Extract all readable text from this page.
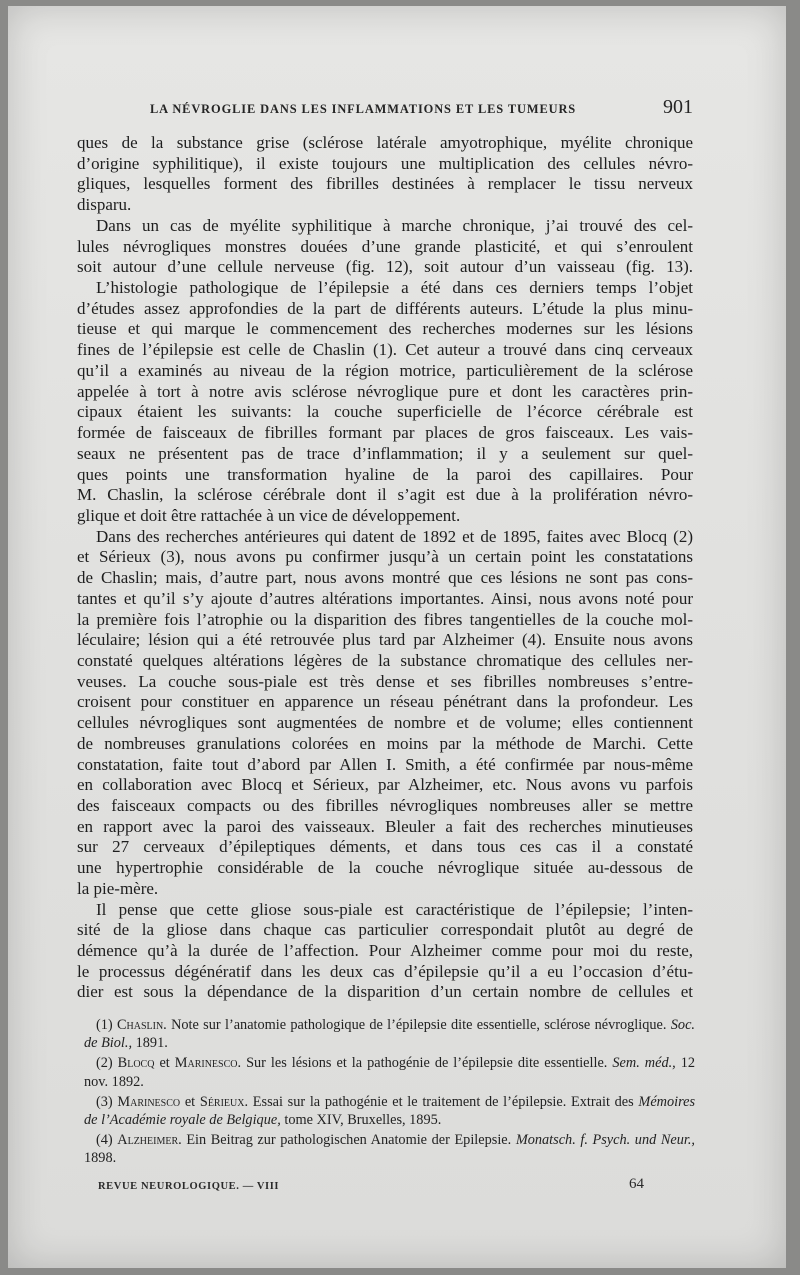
LA NÉVROGLIE DANS LES INFLAMMATIONS ET LES TUMEURS	901
ques de la substance grise (sclérose latérale amyotrophique, myélite chronique
d’origine syphilitique), il existe toujours une multiplication des cellules névro-
gliques, lesquelles forment des fibrilles destinées à remplacer le tissu nerveux
disparu.
Dans un cas de myélite syphilitique à marche chronique, j’ai trouvé des cel-
lules névrogliques monstres douées d’une grande plasticité, et qui s’enroulent
soit autour d’une cellule nerveuse (fig. 12), soit autour d’un vaisseau (fig. 13).
L’histologie pathologique de l’épilepsie a été dans ces derniers temps l’objet
d’études assez approfondies de la part de différents auteurs. L’étude la plus minu-
tieuse et qui marque le commencement des recherches modernes sur les lésions
fines de l’épilepsie est celle de Chaslin (1). Cet auteur a trouvé dans cinq cerveaux
qu’il a examinés au niveau de la région motrice, particulièrement de la sclérose
appelée à tort à notre avis sclérose névroglique pure et dont les caractères prin-
cipaux étaient les suivants: la couche superficielle de l’écorce cérébrale est
formée de faisceaux de fibrilles formant par places de gros faisceaux. Les vais-
seaux ne présentent pas de trace d’inflammation; il y a seulement sur quel-
ques points une transformation hyaline de la paroi des capillaires. Pour
M. Chaslin, la sclérose cérébrale dont il s’agit est due à la prolifération névro-
glique et doit être rattachée à un vice de développement.
Dans des recherches antérieures qui datent de 1892 et de 1895, faites avec Blocq (2)
et Sérieux (3), nous avons pu confirmer jusqu’à un certain point les constatations
de Chaslin; mais, d’autre part, nous avons montré que ces lésions ne sont pas cons-
tantes et qu’il s’y ajoute d’autres altérations importantes. Ainsi, nous avons noté pour
la première fois l’atrophie ou la disparition des fibres tangentielles de la couche mol-
léculaire; lésion qui a été retrouvée plus tard par Alzheimer (4). Ensuite nous avons
constaté quelques altérations légères de la substance chromatique des cellules ner-
veuses. La couche sous-piale est très dense et ses fibrilles nombreuses s’entre-
croisent pour constituer en apparence un réseau pénétrant dans la profondeur. Les
cellules névrogliques sont augmentées de nombre et de volume; elles contiennent
de nombreuses granulations colorées en moins par la méthode de Marchi. Cette
constatation, faite tout d’abord par Allen I. Smith, a été confirmée par nous-même
en collaboration avec Blocq et Sérieux, par Alzheimer, etc. Nous avons vu parfois
des faisceaux compacts ou des fibrilles névrogliques nombreuses aller se mettre
en rapport avec la paroi des vaisseaux. Bleuler a fait des recherches minutieuses
sur 27 cerveaux d’épileptiques déments, et dans tous ces cas il a constaté
une hypertrophie considérable de la couche névroglique située au-dessous de
la pie-mère.
Il pense que cette gliose sous-piale est caractéristique de l’épilepsie; l’inten-
sité de la gliose dans chaque cas particulier correspondait plutôt au degré de
démence qu’à la durée de l’affection. Pour Alzheimer comme pour moi du reste,
le processus dégénératif dans les deux cas d’épilepsie qu’il a eu l’occasion d’étu-
dier est sous la dépendance de la disparition d’un certain nombre de cellules et
(1) Chaslin. Note sur l’anatomie pathologique de l’épilepsie dite essentielle, sclérose névroglique. Soc. de Biol., 1891.
(2) Blocq et Marinesco. Sur les lésions et la pathogénie de l’épilepsie dite essentielle. Sem. méd., 12 nov. 1892.
(3) Marinesco et Sérieux. Essai sur la pathogénie et le traitement de l’épilepsie. Extrait des Mémoires de l’Académie royale de Belgique, tome XIV, Bruxelles, 1895.
(4) Alzheimer. Ein Beitrag zur pathologischen Anatomie der Epilepsie. Monatsch. f. Psych. und Neur., 1898.
REVUE NEUROLOGIQUE. — VIII	64
